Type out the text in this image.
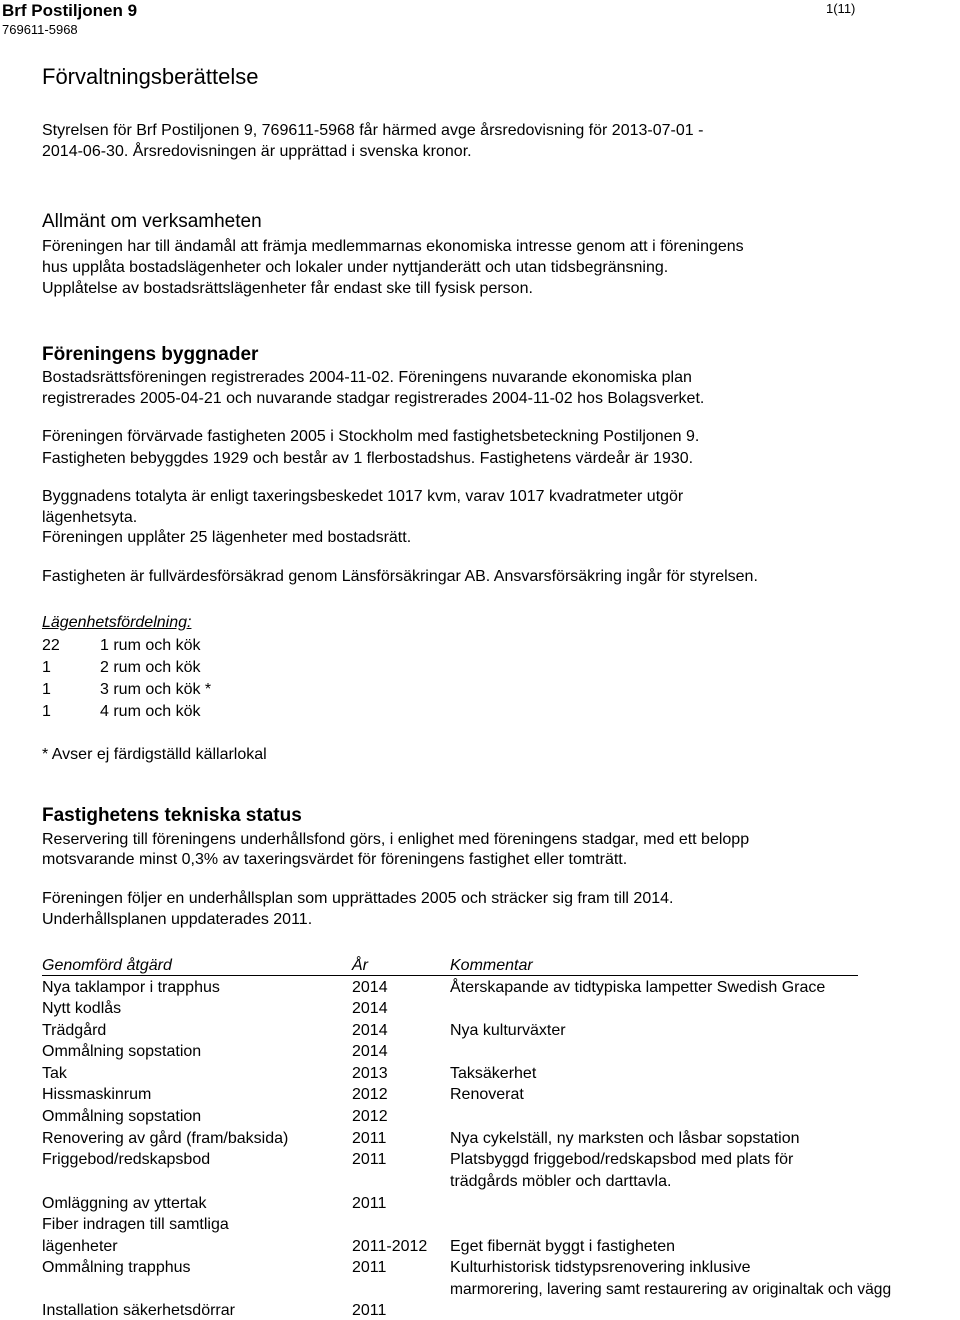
Brf Postiljonen 9
769611-5968
1(11)
Förvaltningsberättelse
Styrelsen för Brf Postiljonen 9, 769611-5968 får härmed avge årsredovisning för 2013-07-01 -
2014-06-30. Årsredovisningen är upprättad i svenska kronor.
Allmänt om verksamheten
Föreningen har till ändamål att främja medlemmarnas ekonomiska intresse genom att i föreningens
hus upplåta bostadslägenheter och lokaler under nyttjanderätt och utan tidsbegränsning.
Upplåtelse av bostadsrättslägenheter får endast ske till fysisk person.
Föreningens byggnader
Bostadsrättsföreningen registrerades 2004-11-02. Föreningens nuvarande ekonomiska plan
registrerades 2005-04-21 och nuvarande stadgar registrerades 2004-11-02 hos Bolagsverket.
Föreningen förvärvade fastigheten 2005 i Stockholm med fastighetsbeteckning Postiljonen 9.
Fastigheten bebyggdes 1929 och består av 1 flerbostadshus. Fastighetens värdeår är 1930.
Byggnadens totalyta är enligt taxeringsbeskedet 1017 kvm, varav 1017 kvadratmeter utgör
lägenhetsyta.
Föreningen upplåter 25 lägenheter med bostadsrätt.
Fastigheten är fullvärdesförsäkrad genom Länsförsäkringar AB. Ansvarsförsäkring ingår för styrelsen.
Lägenhetsfördelning:
22	1 rum och kök
1	2 rum och kök
1	3 rum och kök *
1	4 rum och kök
* Avser ej färdigställd källarlokal
Fastighetens tekniska status
Reservering till föreningens underhållsfond görs, i enlighet med föreningens stadgar, med ett belopp
motsvarande minst 0,3% av taxeringsvärdet för föreningens fastighet eller tomträtt.
Föreningen följer en underhållsplan som upprättades 2005 och sträcker sig fram till 2014.
Underhållsplanen uppdaterades 2011.
Genomförd åtgärd	År	Kommentar
Nya taklampor i trapphus	2014	Återskapande av tidtypiska lampetter Swedish Grace
Nytt kodlås	2014
Trädgård	2014	Nya kulturväxter
Ommålning sopstation	2014
Tak	2013	Taksäkerhet
Hissmaskinrum	2012	Renoverat
Ommålning sopstation	2012
Renovering av gård (fram/baksida)	2011	Nya cykelställ, ny marksten och låsbar sopstation
Friggebod/redskapsbod	2011	Platsbyggd friggebod/redskapsbod med plats för
trädgårds möbler och darttavla.
Omläggning av yttertak	2011
Fiber indragen till samtliga
lägenheter	2011-2012 Eget fibernät byggt i fastigheten
Ommålning trapphus	2011	Kulturhistorisk tidstypsrenovering inklusive
marmorering, lavering samt restaurering av originaltak och vägg
Installation säkerhetsdörrar	2011
